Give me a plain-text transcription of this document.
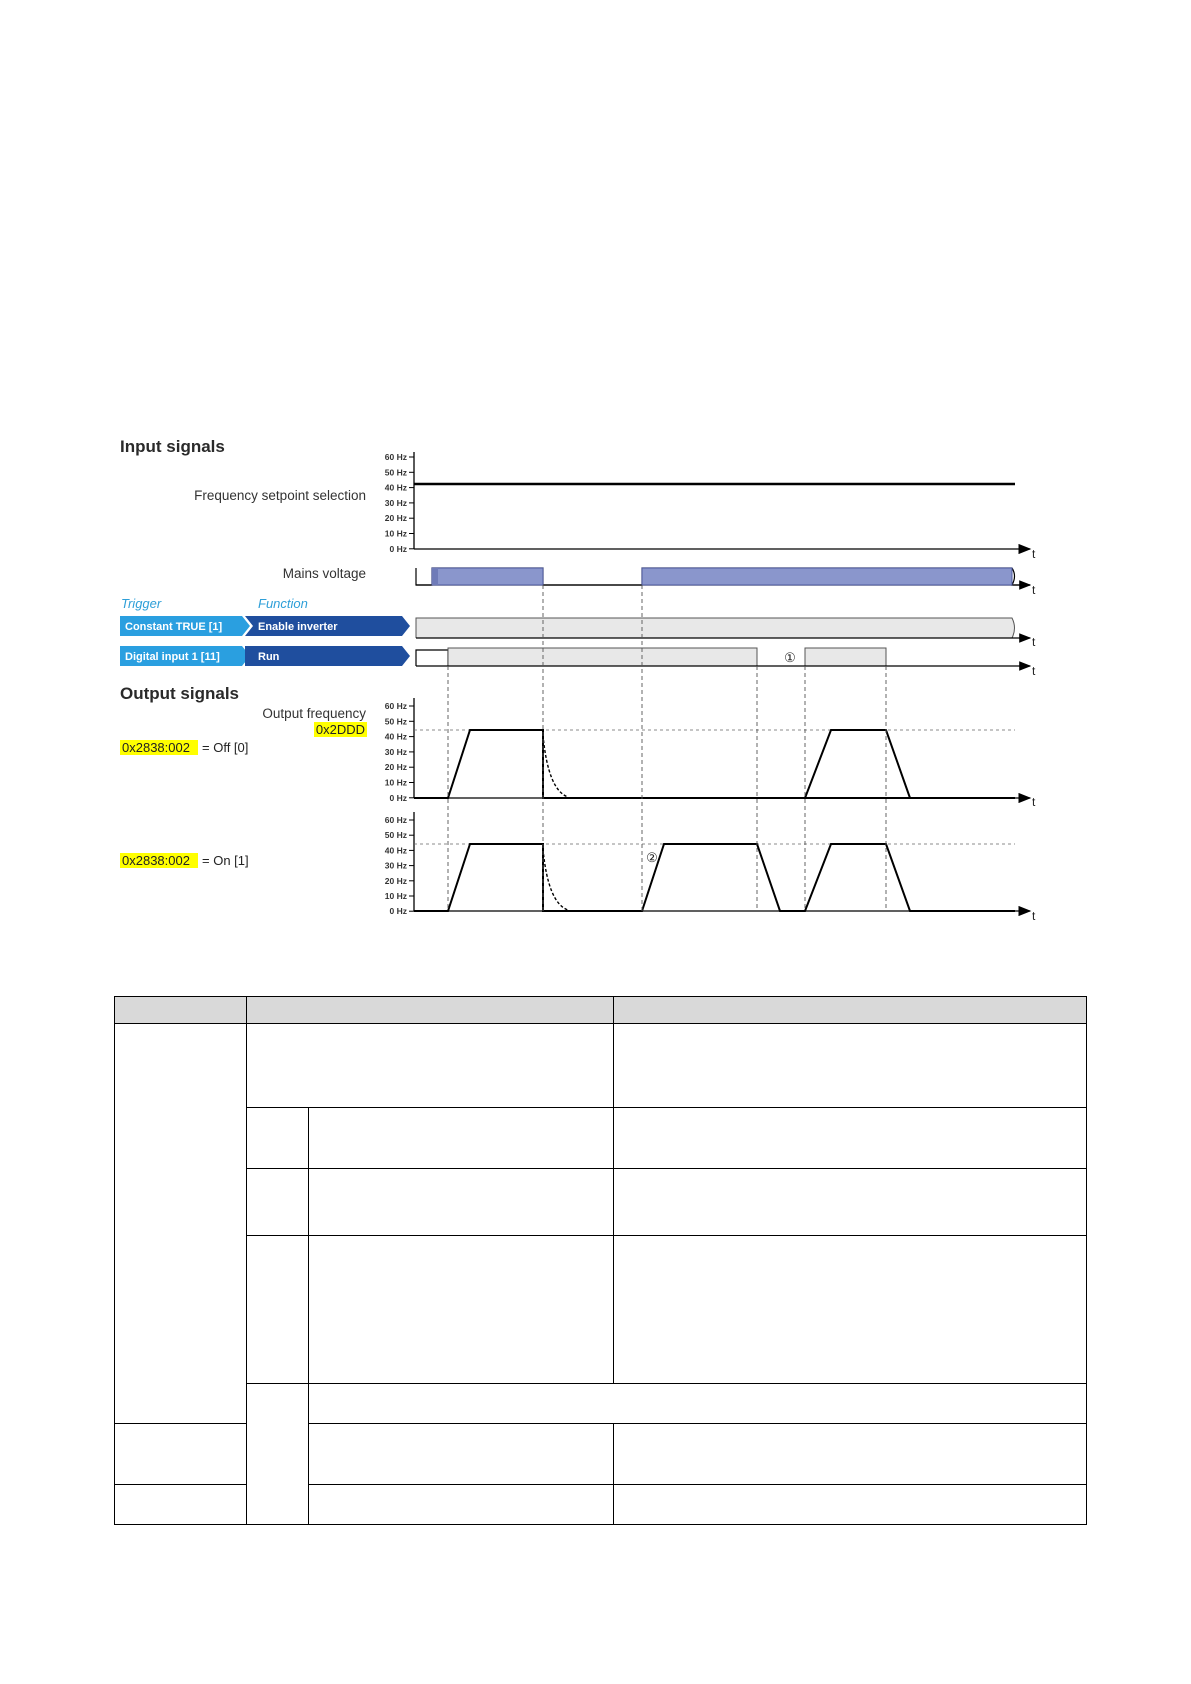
Input signals
Output signals
Frequency setpoint selection
60 Hz
50 Hz
40 Hz
30 Hz
20 Hz
10 Hz
0 Hz	t
Mains voltage
t
Trigger	Function
Constant TRUE [1]	Enable inverter
t
Digital input 1 [11]	Run
t
①
Output frequency
0x2DDD
0x2838:002 = Off [0]
60 Hz
50 Hz
40 Hz
30 Hz
20 Hz
10 Hz
0 Hz	t
0x2838:002 = On [1]
60 Hz
50 Hz
40 Hz
30 Hz
20 Hz
10 Hz
0 Hz	t
②
